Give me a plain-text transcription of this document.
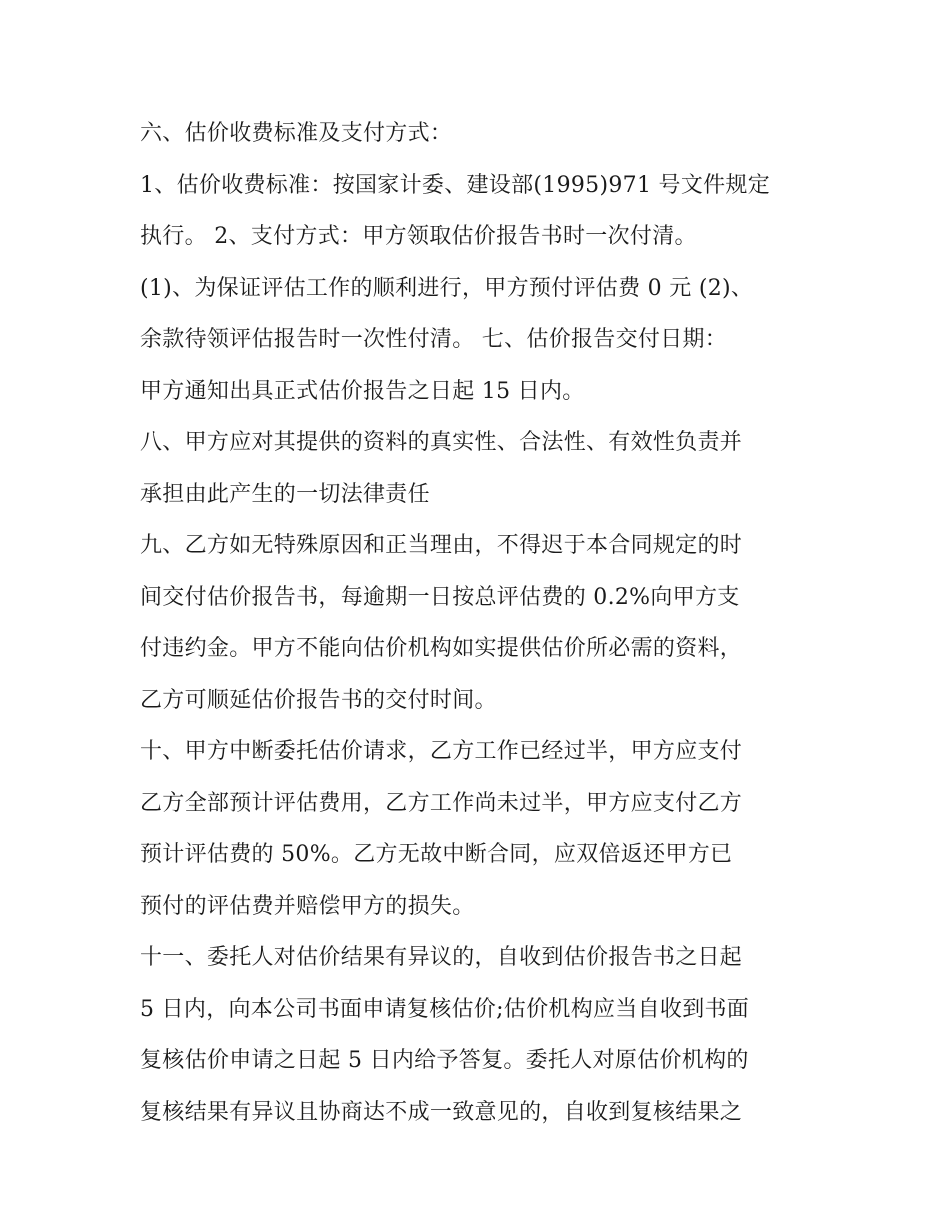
六、估价收费标准及支付方式：
1、估价收费标准：按国家计委、建设部(1995)971 号文件规定
执行。 2、支付方式：甲方领取估价报告书时一次付清。
(1)、为保证评估工作的顺利进行，甲方预付评估费 0 元 (2)、
余款待领评估报告时一次性付清。 七、估价报告交付日期：
甲方通知出具正式估价报告之日起 15 日内。
八、甲方应对其提供的资料的真实性、合法性、有效性负责并
承担由此产生的一切法律责任
九、乙方如无特殊原因和正当理由，不得迟于本合同规定的时
间交付估价报告书，每逾期一日按总评估费的 0.2%向甲方支
付违约金。甲方不能向估价机构如实提供估价所必需的资料，
乙方可顺延估价报告书的交付时间。
十、甲方中断委托估价请求，乙方工作已经过半，甲方应支付
乙方全部预计评估费用，乙方工作尚未过半，甲方应支付乙方
预计评估费的 50%。乙方无故中断合同，应双倍返还甲方已
预付的评估费并赔偿甲方的损失。
十一、委托人对估价结果有异议的，自收到估价报告书之日起
5 日内，向本公司书面申请复核估价;估价机构应当自收到书面
复核估价申请之日起 5 日内给予答复。委托人对原估价机构的
复核结果有异议且协商达不成一致意见的，自收到复核结果之
